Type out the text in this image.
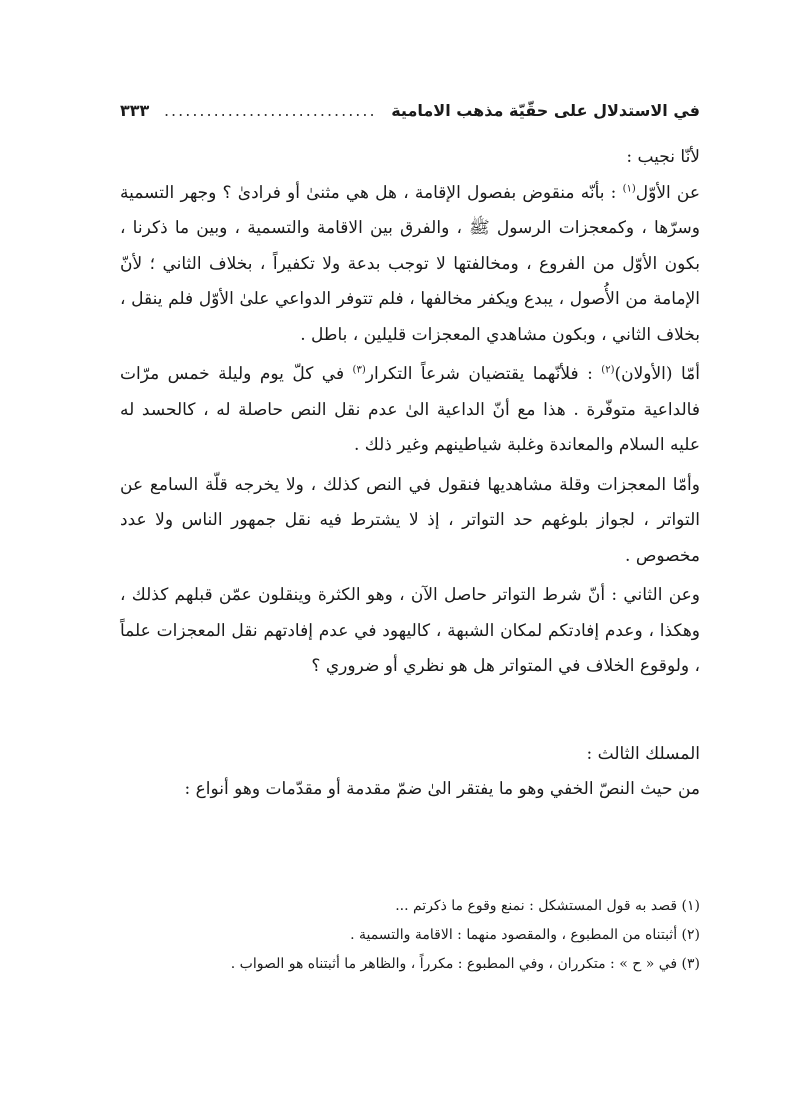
في الاستدلال على حقّيّة مذهب الامامية
..............................
٣٣٣

لأنّا نجيب :

عن الأوّل$^{(١)}$ : بأنّه منقوض بفصول الإقامة ، هل هي مثنىٰ أو فرادىٰ ؟ وجهر التسمية وسرّها ، وكمعجزات الرسول ﷺ ، والفرق بين الاقامة والتسمية ، وبين ما ذكرنا ، بكون الأوّل من الفروع ، ومخالفتها لا توجب بدعة ولا تكفيراً ، بخلاف الثاني ؛ لأنّ الإمامة من الأُصول ، يبدع ويكفر مخالفها ، فلم تتوفر الدواعي علىٰ الأوّل فلم ينقل ، بخلاف الثاني ، وبكون مشاهدي المعجزات قليلين ، باطل .

أمّا (الأولان)$^{(٢)}$ : فلأنّهما يقتضيان شرعاً التكرار$^{(٣)}$ في كلّ يوم وليلة خمس مرّات فالداعية متوفّرة . هذا مع أنّ الداعية الىٰ عدم نقل النص حاصلة له ، كالحسد له عليه السلام والمعاندة وغلبة شياطينهم وغير ذلك .

وأمّا المعجزات وقلة مشاهديها فنقول في النص كذلك ، ولا يخرجه قلّة السامع عن التواتر ، لجواز بلوغهم حد التواتر ، إذ لا يشترط فيه نقل جمهور الناس ولا عدد مخصوص .

وعن الثاني : أنّ شرط التواتر حاصل الآن ، وهو الكثرة وينقلون عمّن قبلهم كذلك ، وهكذا ، وعدم إفادتكم لمكان الشبهة ، كاليهود في عدم إفادتهم نقل المعجزات علماً ، ولوقوع الخلاف في المتواتر هل هو نظري أو ضروري ؟

المسلك الثالث :

من حيث النصّ الخفي وهو ما يفتقر الىٰ ضمّ مقدمة أو مقدّمات وهو أنواع :

(١) قصد به قول المستشكل : نمنع وقوع ما ذكرتم ...

(٢) أثبتناه من المطبوع ، والمقصود منهما : الاقامة والتسمية .

(٣) في « ح » : متكرران ، وفي المطبوع : مكرراً ، والظاهر ما أثبتناه هو الصواب .
